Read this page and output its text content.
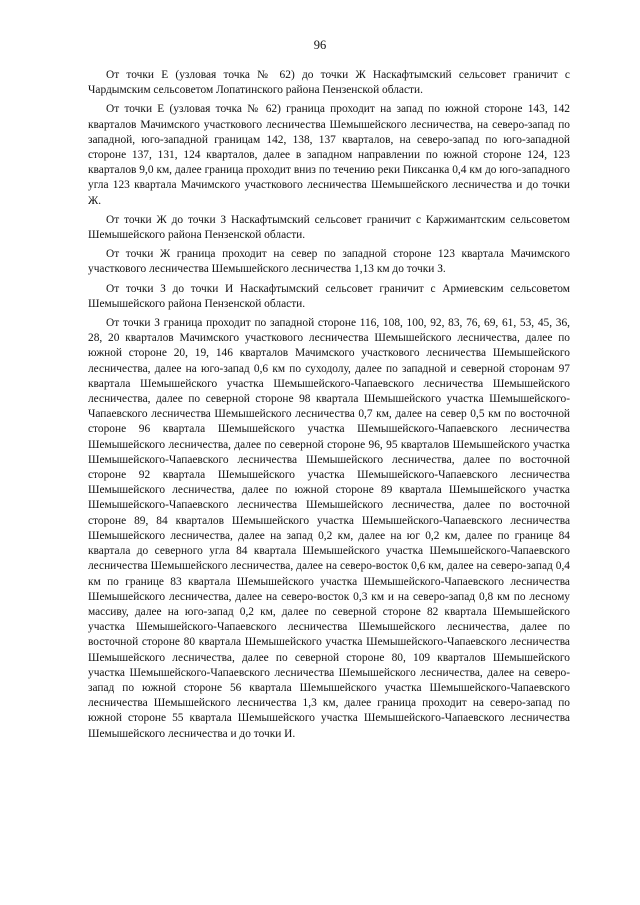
96

От точки Е (узловая точка № 62) до точки Ж Наскафтымский сельсовет граничит с Чардымским сельсоветом Лопатинского района Пензенской области.

От точки Е (узловая точка № 62) граница проходит на запад по южной стороне 143, 142 кварталов Мачимского участкового лесничества Шемышейского лесничества, на северо-запад по западной, юго-западной границам 142, 138, 137 кварталов, на северо-запад по юго-западной стороне 137, 131, 124 кварталов, далее в западном направлении по южной стороне 124, 123 кварталов 9,0 км, далее граница проходит вниз по течению реки Пиксанка 0,4 км до юго-западного угла 123 квартала Мачимского участкового лесничества Шемышейского лесничества и до точки Ж.

От точки Ж до точки З Наскафтымский сельсовет граничит с Каржимантским сельсоветом Шемышейского района Пензенской области.

От точки Ж граница проходит на север по западной стороне 123 квартала Мачимского участкового лесничества Шемышейского лесничества 1,13 км до точки З.

От точки З до точки И Наскафтымский сельсовет граничит с Армиевским сельсоветом Шемышейского района Пензенской области.

От точки З граница проходит по западной стороне 116, 108, 100, 92, 83, 76, 69, 61, 53, 45, 36, 28, 20 кварталов Мачимского участкового лесничества Шемышейского лесничества, далее по южной стороне 20, 19, 146 кварталов Мачимского участкового лесничества Шемышейского лесничества, далее на юго-запад 0,6 км по суходолу, далее по западной и северной сторонам 97 квартала Шемышейского участка Шемышейского-Чапаевского лесничества Шемышейского лесничества, далее по северной стороне 98 квартала Шемышейского участка Шемышейского-Чапаевского лесничества Шемышейского лесничества 0,7 км, далее на север 0,5 км по восточной стороне 96 квартала Шемышейского участка Шемышейского-Чапаевского лесничества Шемышейского лесничества, далее по северной стороне 96, 95 кварталов Шемышейского участка Шемышейского-Чапаевского лесничества Шемышейского лесничества, далее по восточной стороне 92 квартала Шемышейского участка Шемышейского-Чапаевского лесничества Шемышейского лесничества, далее по южной стороне 89 квартала Шемышейского участка Шемышейского-Чапаевского лесничества Шемышейского лесничества, далее по восточной стороне 89, 84 кварталов Шемышейского участка Шемышейского-Чапаевского лесничества Шемышейского лесничества, далее на запад 0,2 км, далее на юг 0,2 км, далее по границе 84 квартала до северного угла 84 квартала Шемышейского участка Шемышейского-Чапаевского лесничества Шемышейского лесничества, далее на северо-восток 0,6 км, далее на северо-запад 0,4 км по границе 83 квартала Шемышейского участка Шемышейского-Чапаевского лесничества Шемышейского лесничества, далее на северо-восток 0,3 км и на северо-запад 0,8 км по лесному массиву, далее на юго-запад 0,2 км, далее по северной стороне 82 квартала Шемышейского участка Шемышейского-Чапаевского лесничества Шемышейского лесничества, далее по восточной стороне 80 квартала Шемышейского участка Шемышейского-Чапаевского лесничества Шемышейского лесничества, далее по северной стороне 80, 109 кварталов Шемышейского участка Шемышейского-Чапаевского лесничества Шемышейского лесничества, далее на северо-запад по южной стороне 56 квартала Шемышейского участка Шемышейского-Чапаевского лесничества Шемышейского лесничества 1,3 км, далее граница проходит на северо-запад по южной стороне 55 квартала Шемышейского участка Шемышейского-Чапаевского лесничества Шемышейского лесничества и до точки И.
